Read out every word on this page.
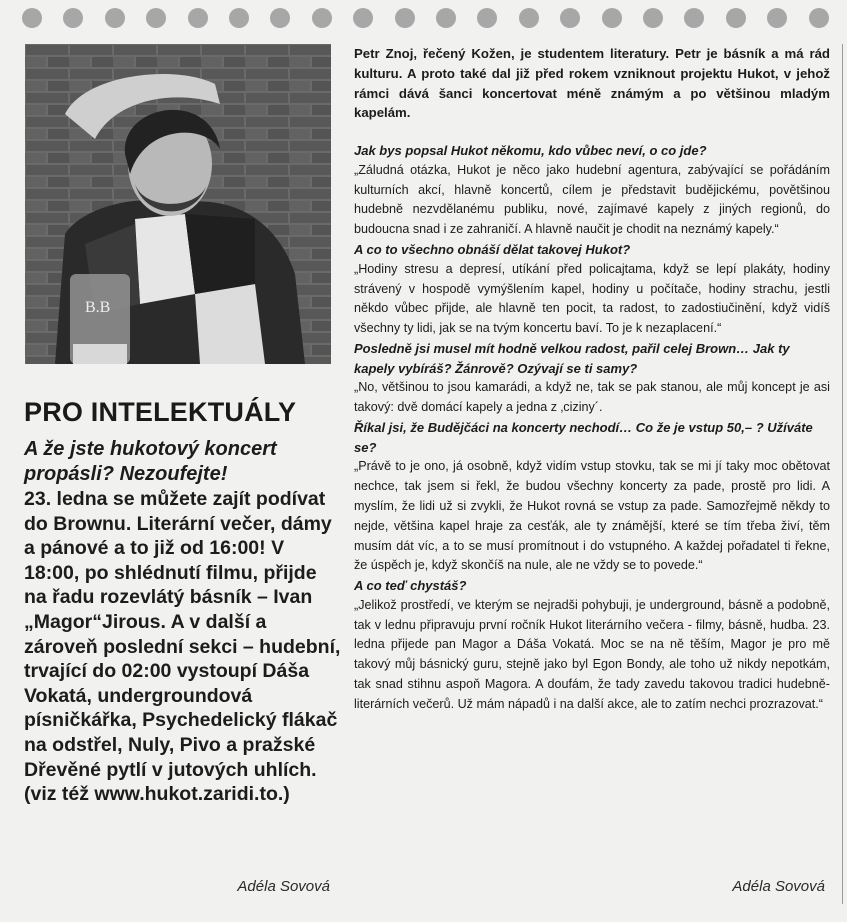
B.B
PRO INTELEKTUÁLY

A že jste hukotový koncert propásli? Nezoufejte!

23. ledna se můžete zajít podívat do Brownu. Literární večer, dámy a pánové a to již od 16:00! V 18:00, po shlédnutí filmu, přijde na řadu rozevlátý básník – Ivan „Magor“Jirous. A v další a zároveň poslední sekci – hudební, trvající do 02:00 vystoupí Dáša Vokatá, undergroundová písničkářka, Psychedelický flákač na odstřel, Nuly, Pivo a pražské Dřevěné pytlí v jutových uhlích. (viz též www.hukot.zaridi.to.)

Adéla Sovová

Petr Znoj, řečený Kožen, je studentem literatury. Petr je básník a má rád kulturu. A proto také dal již před rokem vzniknout projektu Hukot, v jehož rámci dává šanci koncertovat méně známým a po většinou mladým kapelám.

Jak bys popsal Hukot někomu, kdo vůbec neví, o co jde?

„Záludná otázka, Hukot je něco jako hudební agentura, zabývající se pořádáním kulturních akcí, hlavně koncertů, cílem je představit budějickému, povětšinou hudebně nezvdělanému publiku, nové, zajímavé kapely z jiných regionů, do budoucna snad i ze zahraničí. A hlavně naučit je chodit na neznámý kapely.“

A co to všechno obnáší dělat takovej Hukot?

„Hodiny stresu a depresí, utíkání před policajtama, když se lepí plakáty, hodiny strávený v hospodě vymýšlením kapel, hodiny u počítače, hodiny strachu, jestli někdo vůbec přijde, ale hlavně ten pocit, ta radost, to zadostiučinění, když vidíš všechny ty lidi, jak se na tvým koncertu baví. To je k nezaplacení.“

Posledně jsi musel mít hodně velkou radost, pařil celej Brown… Jak ty kapely vybíráš? Žánrově? Ozývají se ti samy?

„No, většinou to jsou kamarádi, a když ne, tak se pak stanou, ale můj koncept je asi takový: dvě domácí kapely a jedna z ‚ciziny´.

Říkal jsi, že Budějčáci na koncerty nechodí… Co že je vstup 50,– ? Užíváte se?

„Právě to je ono, já osobně, když vidím vstup stovku, tak se mi jí taky moc obětovat nechce, tak jsem si řekl, že budou všechny koncerty za pade, prostě pro lidi. A myslím, že lidi už si zvykli, že Hukot rovná se vstup za pade. Samozřejmě někdy to nejde, většina kapel hraje za cesťák, ale ty známější, které se tím třeba živí, těm musím dát víc, a to se musí promítnout i do vstupného. A každej pořadatel ti řekne, že úspěch je, když skončíš na nule, ale ne vždy se to povede.“

A co teď chystáš?

„Jelikož prostředí, ve kterým se nejradši pohybuji, je underground, básně a podobně, tak v lednu připravuju první ročník Hukot literárního večera - filmy, básně, hudba. 23. ledna přijede pan Magor a Dáša Vokatá. Moc se na ně těším, Magor je pro mě takový můj básnický guru, stejně jako byl Egon Bondy, ale toho už nikdy nepotkám, tak snad stihnu aspoň Magora. A doufám, že tady zavedu takovou tradici hudebně-literárních večerů. Už mám nápadů i na další akce, ale to zatím nechci prozrazovat.“

Adéla Sovová
